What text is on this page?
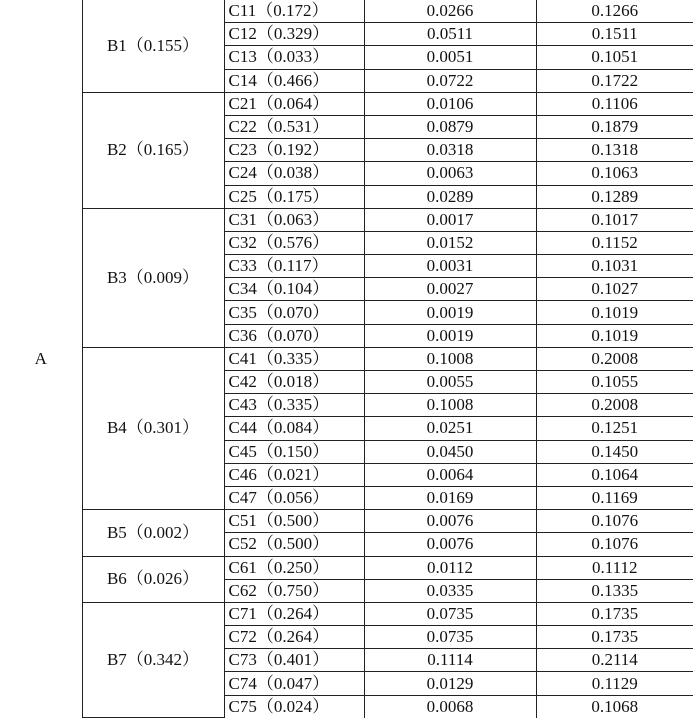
A	B1（0.155）	C11（0.172）	0.0266	0.1266
		C12（0.329）	0.0511	0.1511
		C13（0.033）	0.0051	0.1051
		C14（0.466）	0.0722	0.1722
	B2（0.165）	C21（0.064）	0.0106	0.1106
		C22（0.531）	0.0879	0.1879
		C23（0.192）	0.0318	0.1318
		C24（0.038）	0.0063	0.1063
		C25（0.175）	0.0289	0.1289
	B3（0.009）	C31（0.063）	0.0017	0.1017
		C32（0.576）	0.0152	0.1152
		C33（0.117）	0.0031	0.1031
		C34（0.104）	0.0027	0.1027
		C35（0.070）	0.0019	0.1019
		C36（0.070）	0.0019	0.1019
	B4（0.301）	C41（0.335）	0.1008	0.2008
		C42（0.018）	0.0055	0.1055
		C43（0.335）	0.1008	0.2008
		C44（0.084）	0.0251	0.1251
		C45（0.150）	0.0450	0.1450
		C46（0.021）	0.0064	0.1064
		C47（0.056）	0.0169	0.1169
	B5（0.002）	C51（0.500）	0.0076	0.1076
		C52（0.500）	0.0076	0.1076
	B6（0.026）	C61（0.250）	0.0112	0.1112
		C62（0.750）	0.0335	0.1335
	B7（0.342）	C71（0.264）	0.0735	0.1735
		C72（0.264）	0.0735	0.1735
		C73（0.401）	0.1114	0.2114
		C74（0.047）	0.0129	0.1129
		C75（0.024）	0.0068	0.1068
